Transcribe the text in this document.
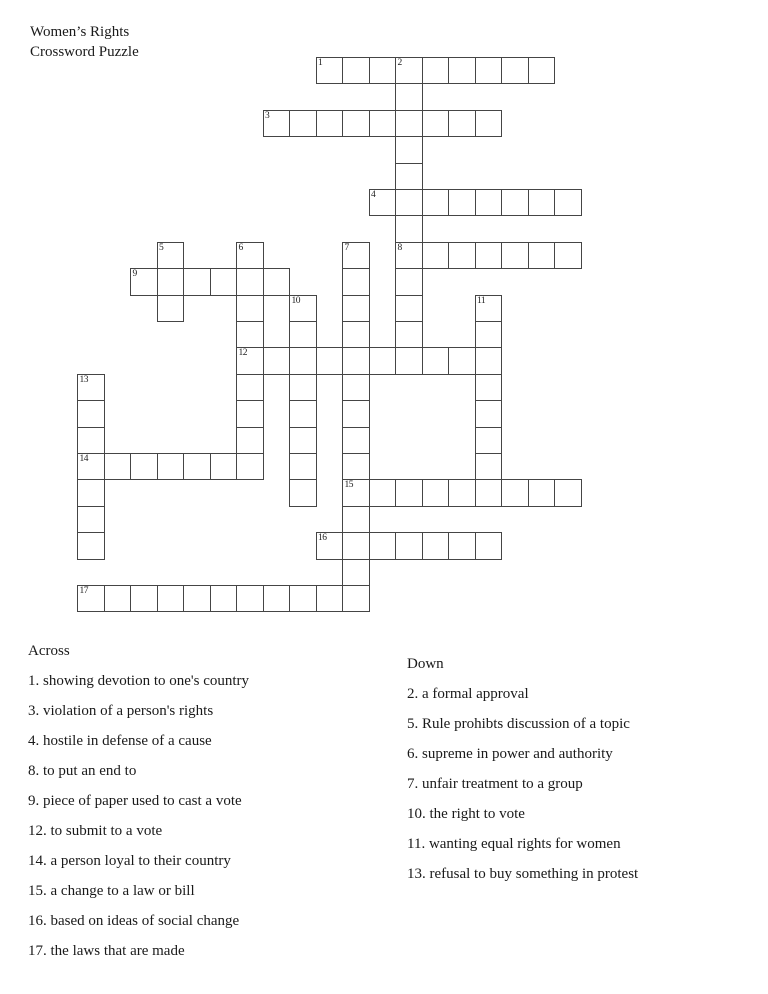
Women’s Rights
Crossword Puzzle
1	2
8
3
4
5	6
12
7
15
9
10	11
13
14
16
17
Across
1. showing devotion to one's country
3. violation of a person's rights
4. hostile in defense of a cause
8. to put an end to
9. piece of paper used to cast a vote
12. to submit to a vote
14. a person loyal to their country
15. a change to a law or bill
16. based on ideas of social change
17. the laws that are made
Down
2. a formal approval
5. Rule prohibts discussion of a topic
6. supreme in power and authority
7. unfair treatment to a group
10. the right to vote
11. wanting equal rights for women
13. refusal to buy something in protest
